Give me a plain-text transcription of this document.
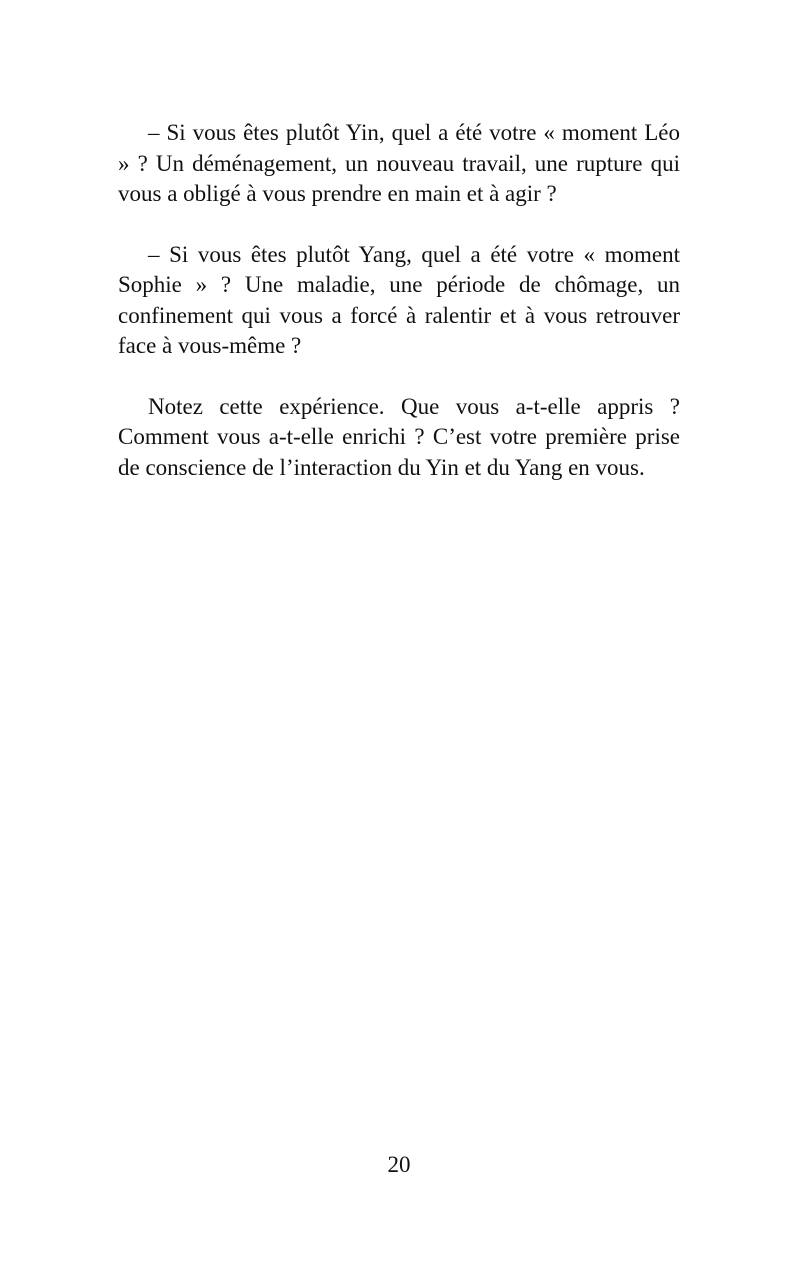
– Si vous êtes plutôt Yin, quel a été votre « moment Léo » ? Un déménagement, un nouveau travail, une rupture qui vous a obligé à vous prendre en main et à agir ?

– Si vous êtes plutôt Yang, quel a été votre « moment Sophie » ? Une maladie, une période de chômage, un confinement qui vous a forcé à ralentir et à vous retrouver face à vous-même ?

Notez cette expérience. Que vous a-t-elle appris ? Comment vous a-t-elle enrichi ? C’est votre première prise de conscience de l’interaction du Yin et du Yang en vous.

20
